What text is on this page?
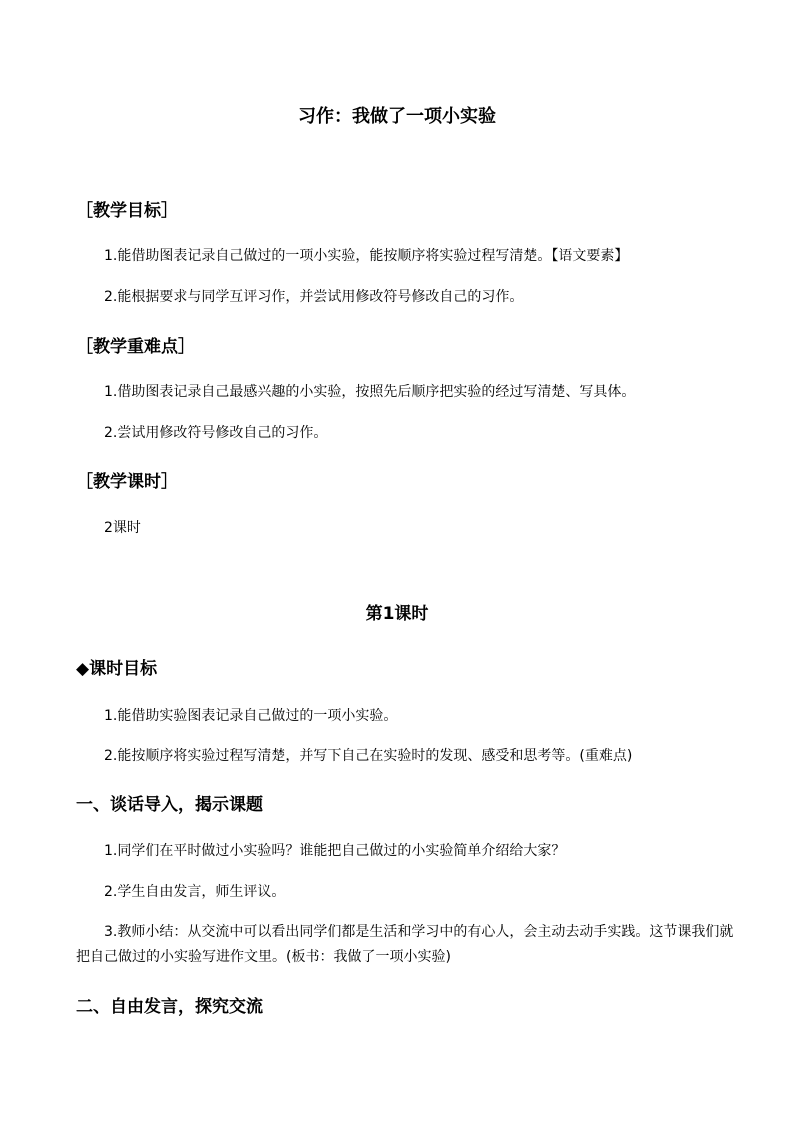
习作：我做了一项小实验
［教学目标］
1.能借助图表记录自己做过的一项小实验，能按顺序将实验过程写清楚。【语文要素】
2.能根据要求与同学互评习作，并尝试用修改符号修改自己的习作。
［教学重难点］
1.借助图表记录自己最感兴趣的小实验，按照先后顺序把实验的经过写清楚、写具体。
2.尝试用修改符号修改自己的习作。
［教学课时］
2课时
第1课时
◆课时目标
1.能借助实验图表记录自己做过的一项小实验。
2.能按顺序将实验过程写清楚，并写下自己在实验时的发现、感受和思考等。(重难点)
一、谈话导入，揭示课题
1.同学们在平时做过小实验吗？谁能把自己做过的小实验简单介绍给大家？
2.学生自由发言，师生评议。
3.教师小结：从交流中可以看出同学们都是生活和学习中的有心人，会主动去动手实践。这节课我们就把自己做过的小实验写进作文里。(板书：我做了一项小实验)
二、自由发言，探究交流
